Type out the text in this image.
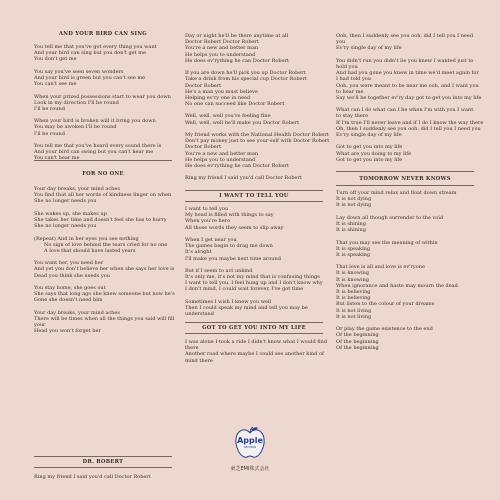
AND YOUR BIRD CAN SING
You tell me that you've got every thing you want
And your bird can sing but you don't get me
You don't get me
You say you've seen seven wonders
And your bird is green but you can't see me
You can't see me
When your prized possessions start to wear you down
Look in my direction I'll be round
I'll be round
When your bird is broken will it bring you down
You may be awoken I'll be round
I'll be round
You tell me that you've heard every sound there is
And your bird can swing but you can't hear me
You can't hear me
FOR NO ONE
Your day breaks, your mind aches
You find that all her words of kindness linger on when
She no longer needs you
She wakes up, she makes up
She takes her time and doesn't feel she has to hurry
She no longer needs you
(Repeat) And in her eyes you see nothing
No sign of love behind the tears cried for no one
A love that should have lasted years
You want her, you need her
And yet you don't believe her when she says her love is
Dead you think she needs you
You stay home, she goes out
She says that long ago she knew someone but now he's
Gone she doesn't need him
Your day breaks, your mind aches
There will be times when all the things you said will fill
your
Head you won't forget her
DR. ROBERT
Ring my friend I said you'd call Doctor Robert
Day or night he'll be there anytime at all
Doctor Robert Doctor Robert
You're a new and better man
He helps you to understand
He does ev'rything he can Doctor Robert
If you are down he'll pick you up Doctor Robert
Take a drink from his special cup Doctor Robert
Doctor Robert
He's a man you must believe
Helping ev'ry one in need
No one can succeed like Doctor Robert
Well, well, well you're feeling fine
Well, well, well he'll make you Doctor Robert
My friend works with the National Health Doctor Robert
Don't pay money just to see your-self with Doctor Robert
Doctor Robert
You're a new and better man
He helps you to understand
He does ev'rything he can Doctor Robert
Ring my friend I said you'd call Doctor Robert
I WANT TO TELL YOU
I want to tell you
My head is filled with things to say
When you're here
All those words they seem to slip away
When I get near you
The games begin to drag me down
It's alright
I'll make you maybe next time around
But if I seem to act unkind
It's only me, it's not my mind that is confusing things
I want to tell you, I feel hung up and I don't know why
I don't mind, I could wait forever, I've got time
Sometimes I wish I knew you well
Then I could speak my mind and tell you may be
understand
GOT TO GET YOU INTO MY LIFE
I was alone I took a ride I didn't know what I would find
there
Another road where maybe I could see another kind of
mind there
Ooh, then I suddenly see you ooh, did I tell you I need
you
Ev'ry single day of my life
You didn't run you didn't lie you knew I wanted just to
hold you
And had you gone you knew in time we'd meet again for
I had told you
Ooh, you were meant to be near me ooh, and I want you
to hear me
Say we'll be together ev'ry day got to get you into my life
What can I do what can I be when I'm with you I want
to stay there
If I'm true I'll never leave and if I do I know the way there
Oh, then I suddenly see you ooh, did I tell you I need you
Ev'ry single day of my life
Got to get you into my life
What are you doing to my life
Got to get you into my life
TOMORROW NEVER KNOWS
Turn off your mind relax and float down stream
It is not dying
It is not dying
Lay down all though surrender to the void
It is shining
It is shining
That you may see the meaning of within
It is speaking
It is speaking
That love is all and love is ev'ryone
It is knowing
It is knowing
When ignorance and haste may mourn the dead
It is believing
It is believing
But listen to the colour of your dreams
It is not living
It is not living
Or play the game existence to the end
Of the beginning
Of the beginning
Of the beginning
Apple
RECORDS
東芝EMI株式会社
